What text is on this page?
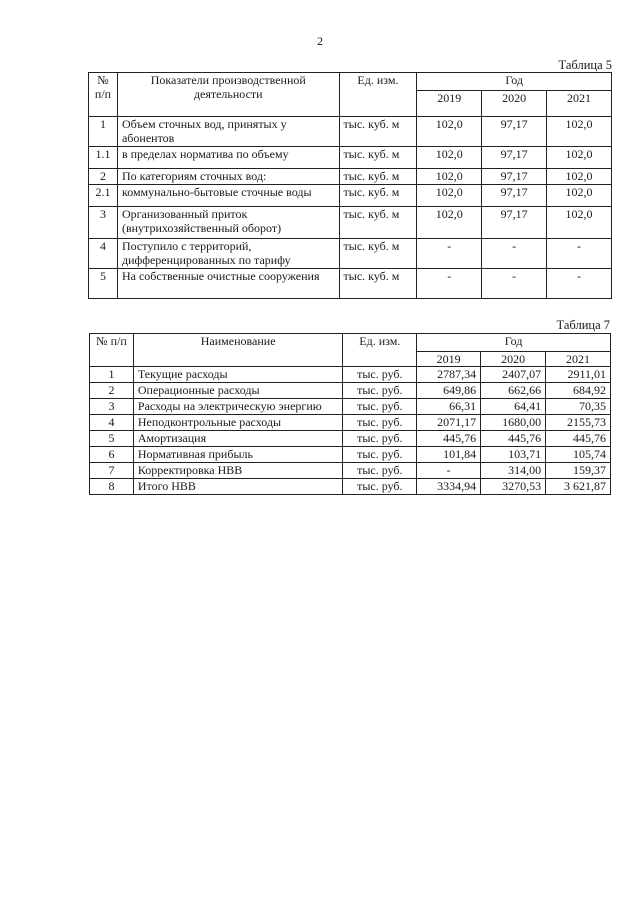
2
Таблица 5
№ п/п	Показатели производственной деятельности	Ед. изм.	Год		
			2019	2020	2021
1	Объем сточных вод, принятых у абонентов	тыс. куб. м	102,0	97,17	102,0
1.1	в пределах норматива по объему	тыс. куб. м	102,0	97,17	102,0
2	По категориям сточных вод:	тыс. куб. м	102,0	97,17	102,0
2.1	коммунально-бытовые сточные воды	тыс. куб. м	102,0	97,17	102,0
3	Организованный приток (внутрихозяйственный оборот)	тыс. куб. м	102,0	97,17	102,0
4	Поступило с территорий, дифференцированных по тарифу	тыс. куб. м	-	-	-
5	На собственные очистные сооружения	тыс. куб. м	-	-	-
Таблица 7
№ п/п	Наименование	Ед. изм.	Год		
			2019	2020	2021
1	Текущие расходы	тыс. руб.	2787,34	2407,07	2911,01
2	Операционные расходы	тыс. руб.	649,86	662,66	684,92
3	Расходы на электрическую энергию	тыс. руб.	66,31	64,41	70,35
4	Неподконтрольные расходы	тыс. руб.	2071,17	1680,00	2155,73
5	Амортизация	тыс. руб.	445,76	445,76	445,76
6	Нормативная прибыль	тыс. руб.	101,84	103,71	105,74
7	Корректировка НВВ	тыс. руб.	-	314,00	159,37
8	Итого НВВ	тыс. руб.	3334,94	3270,53	3 621,87
